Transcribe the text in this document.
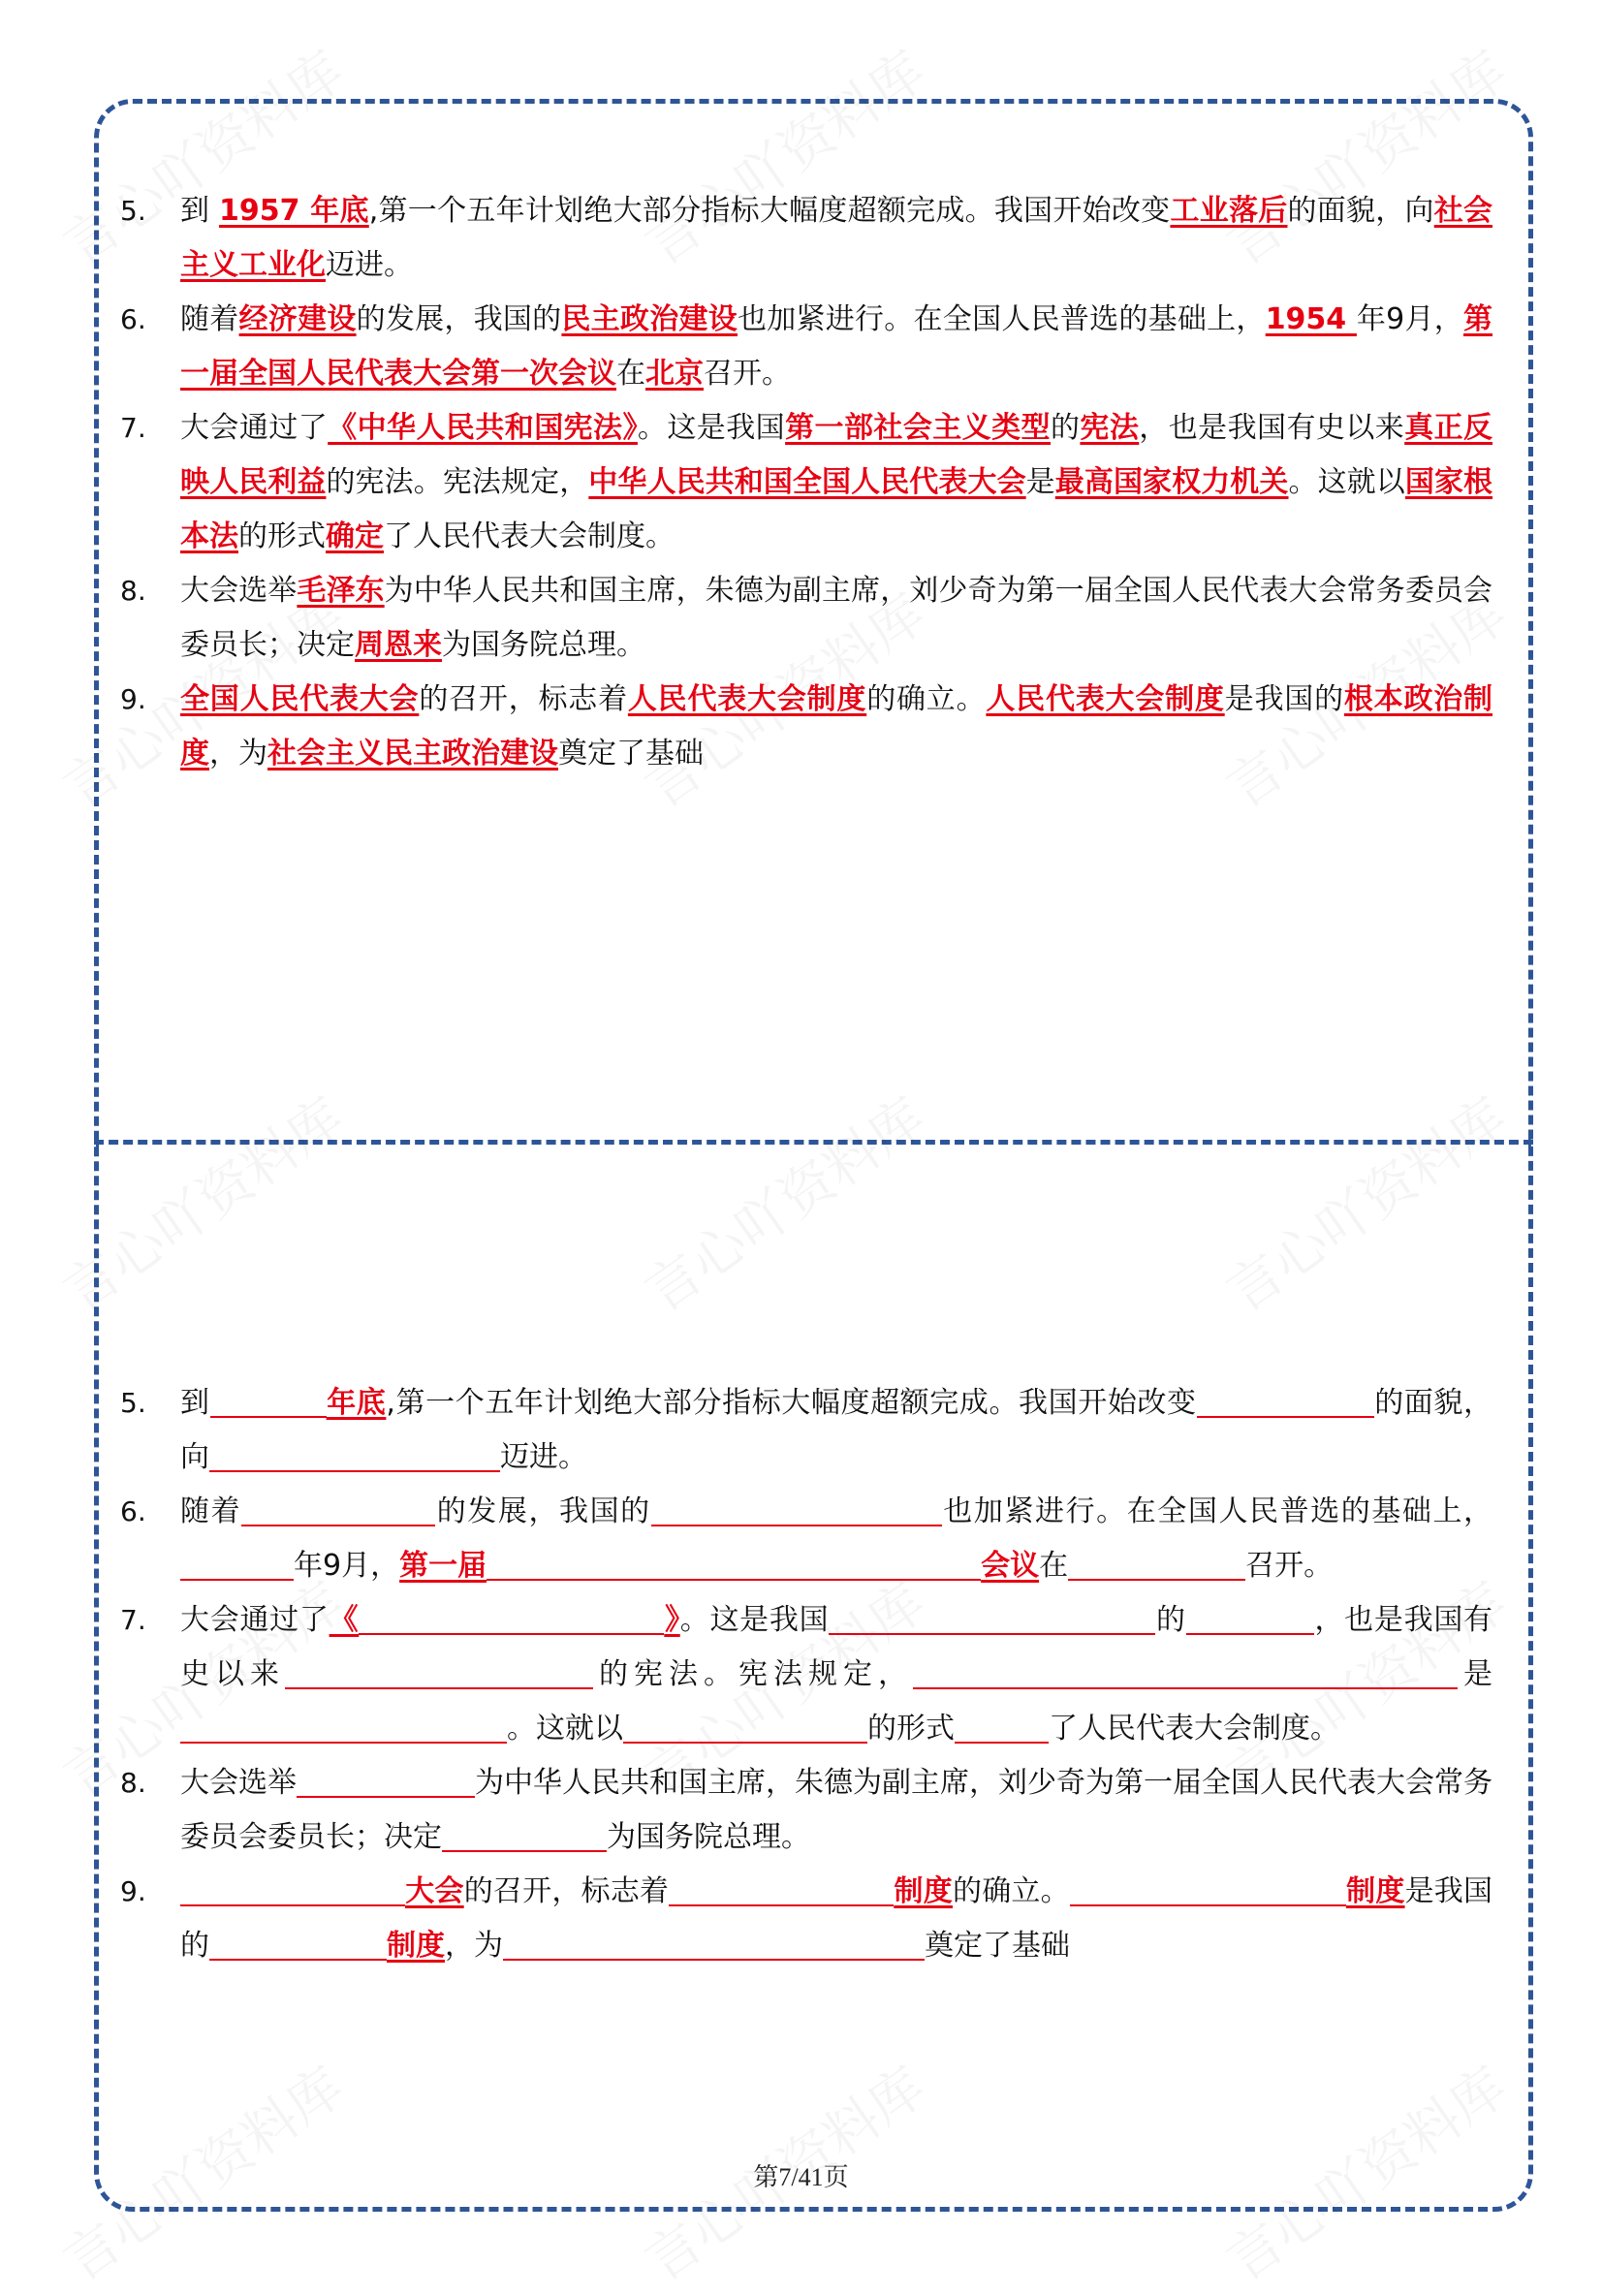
5. 到 1957 年底,第一个五年计划绝大部分指标大幅度超额完成。我国开始改变工业落后的面貌，向社会主义工业化迈进。

6. 随着经济建设的发展，我国的民主政治建设也加紧进行。在全国人民普选的基础上，1954 年9月，第一届全国人民代表大会第一次会议在北京召开。

7. 大会通过了《中华人民共和国宪法》。这是我国第一部社会主义类型的宪法，也是我国有史以来真正反映人民利益的宪法。宪法规定，中华人民共和国全国人民代表大会是最高国家权力机关。这就以国家根本法的形式确定了人民代表大会制度。

8. 大会选举毛泽东为中华人民共和国主席，朱德为副主席，刘少奇为第一届全国人民代表大会常务委员会委员长；决定周恩来为国务院总理。

9. 全国人民代表大会的召开，标志着人民代表大会制度的确立。人民代表大会制度是我国的根本政治制度，为社会主义民主政治建设奠定了基础

5. 到	年底,第一个五年计划绝大部分指标大幅度超额完成。我国开始改变	的面貌，向	迈进。

6. 随着	的发展，我国的	也加紧进行。在全国人民普选的基础上，年9月，第一届	会议在	召开。

7. 大会通过了《	》。这是我国	的	，也是我国有史以来	的宪法。宪法规定，	是。这就以	的形式	了人民代表大会制度。

8. 大会选举	为中华人民共和国主席，朱德为副主席，刘少奇为第一届全国人民代表大会常务委员会委员长；决定	为国务院总理。

9.	大会的召开，标志着	制度的确立。	制度是我国的	制度，为	奠定了基础

第7/41页
